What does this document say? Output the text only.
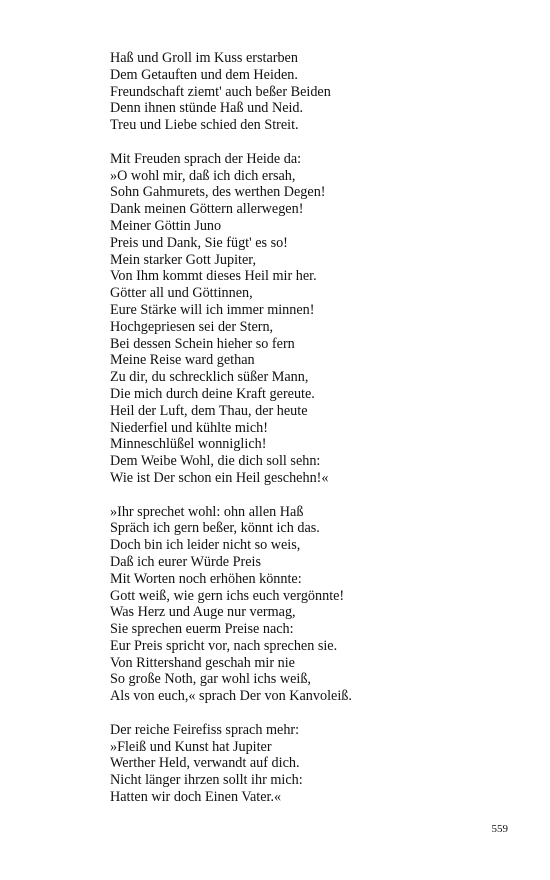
Haß und Groll im Kuss erstarben
Dem Getauften und dem Heiden.
Freundschaft ziemt' auch beßer Beiden
Denn ihnen stünde Haß und Neid.
Treu und Liebe schied den Streit.
Mit Freuden sprach der Heide da:
»O wohl mir, daß ich dich ersah,
Sohn Gahmurets, des werthen Degen!
Dank meinen Göttern allerwegen!
Meiner Göttin Juno
Preis und Dank, Sie fügt' es so!
Mein starker Gott Jupiter,
Von Ihm kommt dieses Heil mir her.
Götter all und Göttinnen,
Eure Stärke will ich immer minnen!
Hochgepriesen sei der Stern,
Bei dessen Schein hieher so fern
Meine Reise ward gethan
Zu dir, du schrecklich süßer Mann,
Die mich durch deine Kraft gereute.
Heil der Luft, dem Thau, der heute
Niederfiel und kühlte mich!
Minneschlüßel wonniglich!
Dem Weibe Wohl, die dich soll sehn:
Wie ist Der schon ein Heil geschehn!«
»Ihr sprechet wohl: ohn allen Haß
Spräch ich gern beßer, könnt ich das.
Doch bin ich leider nicht so weis,
Daß ich eurer Würde Preis
Mit Worten noch erhöhen könnte:
Gott weiß, wie gern ichs euch vergönnte!
Was Herz und Auge nur vermag,
Sie sprechen euerm Preise nach:
Eur Preis spricht vor, nach sprechen sie.
Von Rittershand geschah mir nie
So große Noth, gar wohl ichs weiß,
Als von euch,« sprach Der von Kanvoleiß.
Der reiche Feirefiss sprach mehr:
»Fleiß und Kunst hat Jupiter
Werther Held, verwandt auf dich.
Nicht länger ihrzen sollt ihr mich:
Hatten wir doch Einen Vater.«
559
